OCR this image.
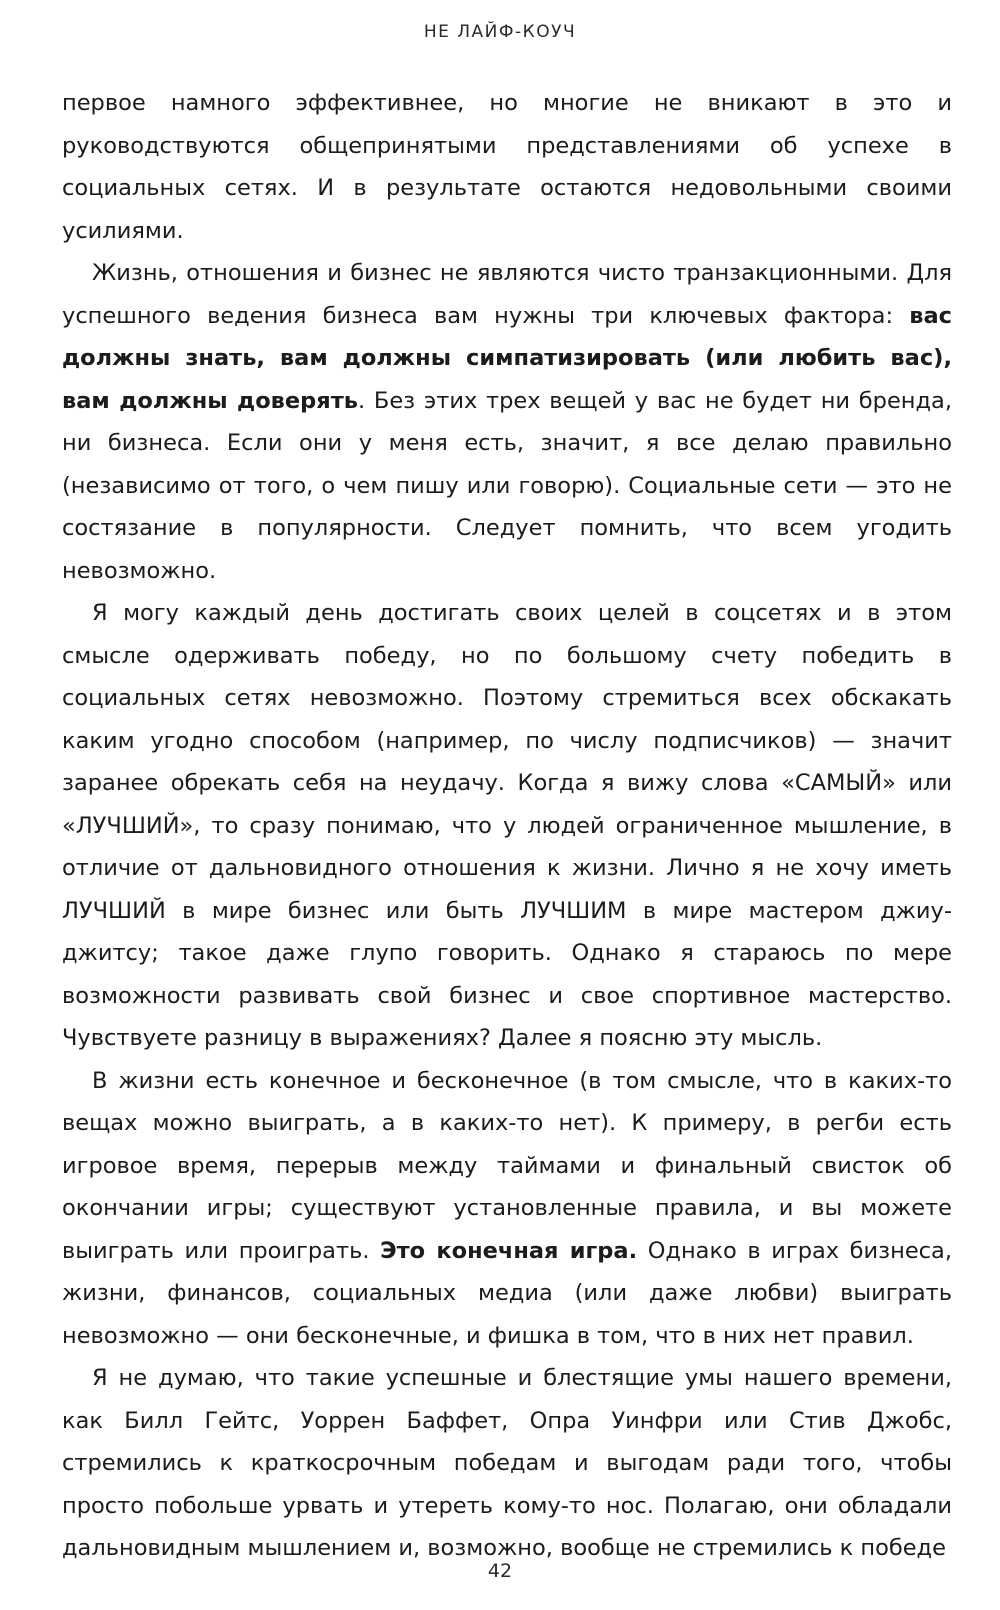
НЕ ЛАЙФ-КОУЧ

первое намного эффективнее, но многие не вникают в это и руководствуются общепринятыми представлениями об успехе в социальных сетях. И в результате остаются недовольными своими усилиями.

Жизнь, отношения и бизнес не являются чисто транзакционными. Для успешного ведения бизнеса вам нужны три ключевых фактора: вас должны знать, вам должны симпатизировать (или любить вас), вам должны доверять. Без этих трех вещей у вас не будет ни бренда, ни бизнеса. Если они у меня есть, значит, я все делаю правильно (независимо от того, о чем пишу или говорю). Социальные сети — это не состязание в популярности. Следует помнить, что всем угодить невозможно.

Я могу каждый день достигать своих целей в соцсетях и в этом смысле одерживать победу, но по большому счету победить в социальных сетях невозможно. Поэтому стремиться всех обскакать каким угодно способом (например, по числу подписчиков) — значит заранее обрекать себя на неудачу. Когда я вижу слова «САМЫЙ» или «ЛУЧШИЙ», то сразу понимаю, что у людей ограниченное мышление, в отличие от дальновидного отношения к жизни. Лично я не хочу иметь ЛУЧШИЙ в мире бизнес или быть ЛУЧШИМ в мире мастером джиу-джитсу; такое даже глупо говорить. Однако я стараюсь по мере возможности развивать свой бизнес и свое спортивное мастерство. Чувствуете разницу в выражениях? Далее я поясню эту мысль.

В жизни есть конечное и бесконечное (в том смысле, что в каких-то вещах можно выиграть, а в каких-то нет). К примеру, в регби есть игровое время, перерыв между таймами и финальный свисток об окончании игры; существуют установленные правила, и вы можете выиграть или проиграть. Это конечная игра. Однако в играх бизнеса, жизни, финансов, социальных медиа (или даже любви) выиграть невозможно — они бесконечные, и фишка в том, что в них нет правил.

Я не думаю, что такие успешные и блестящие умы нашего времени, как Билл Гейтс, Уоррен Баффет, Опра Уинфри или Стив Джобс, стремились к краткосрочным победам и выгодам ради того, чтобы просто побольше урвать и утереть кому-то нос. Полагаю, они обладали дальновидным мышлением и, возможно, вообще не стремились к победе

42
